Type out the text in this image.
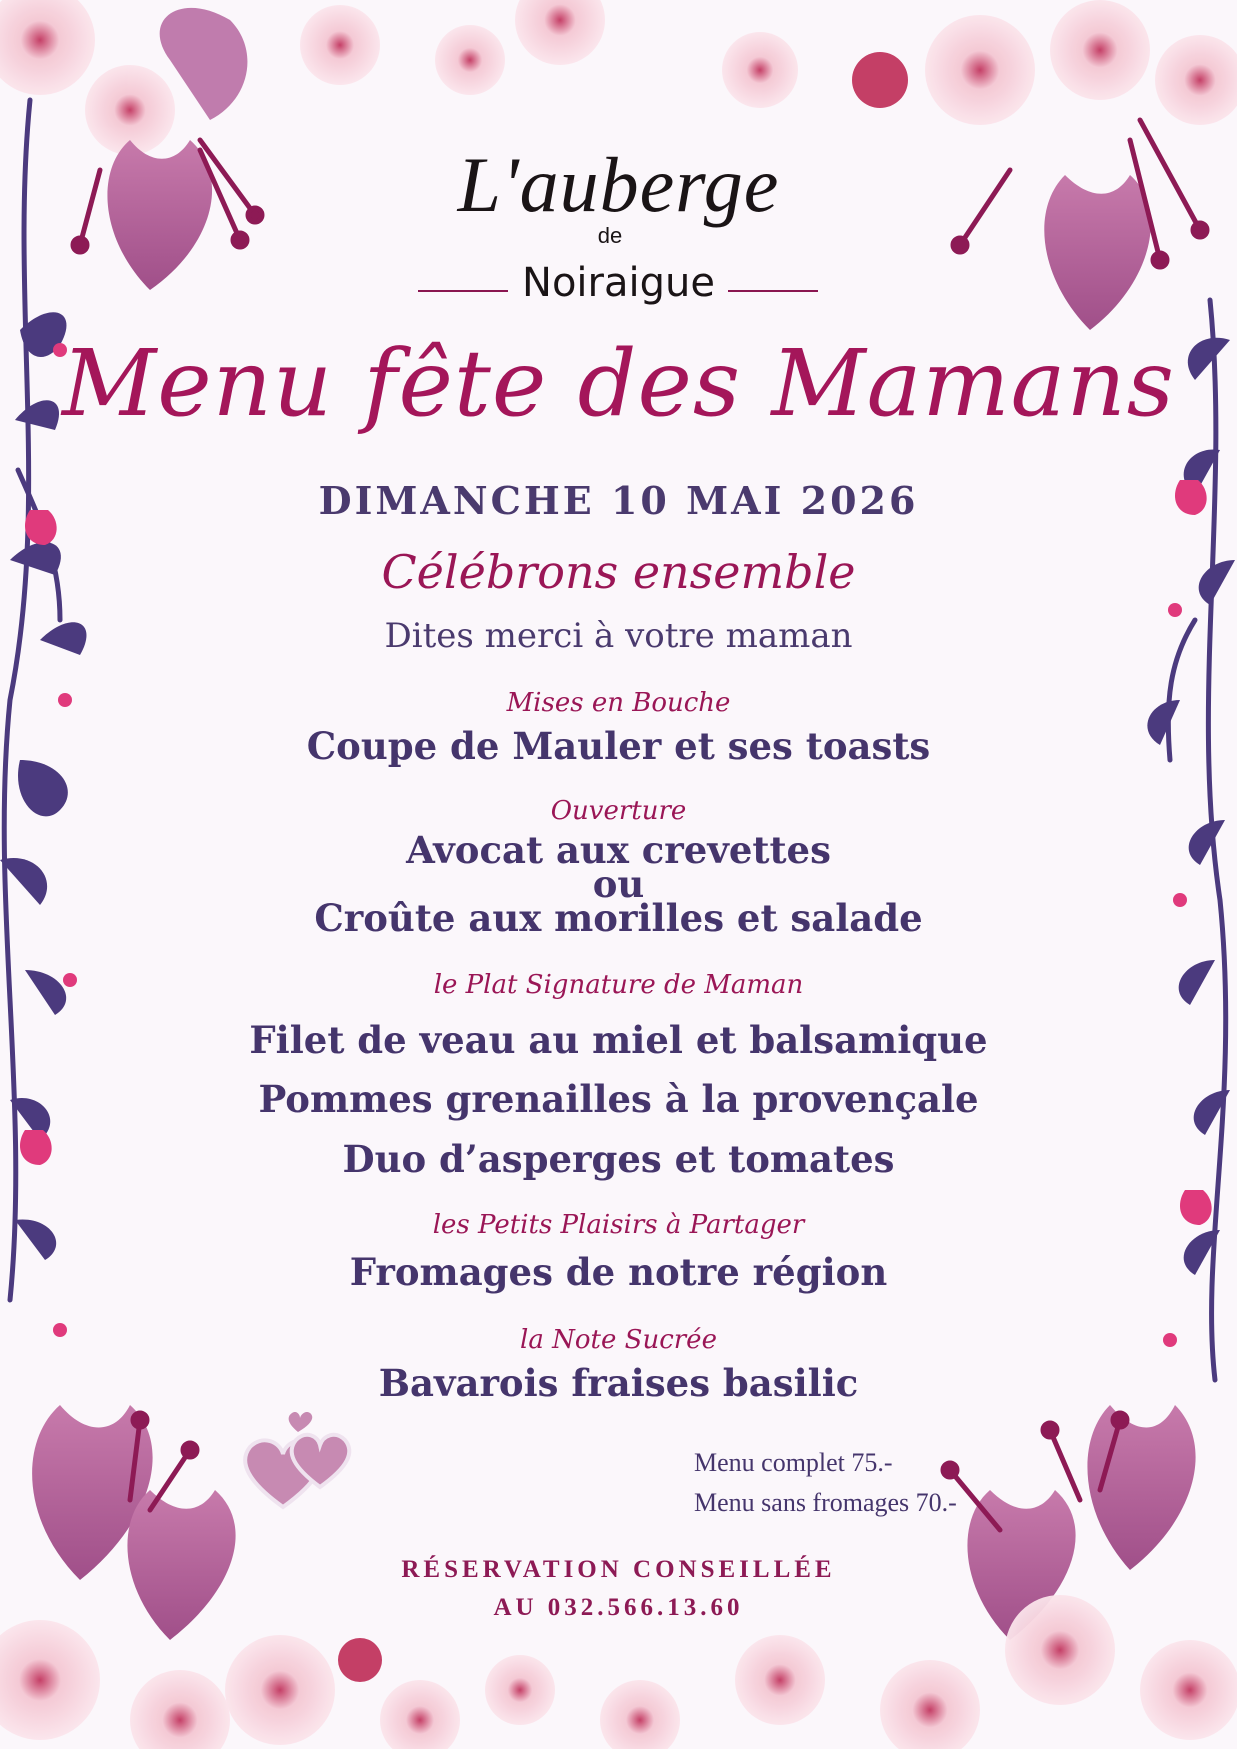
L'auberge
de
Noiraigue
Menu fête des Mamans
DIMANCHE 10 MAI 2026
Célébrons ensemble
Dites merci à votre maman
Mises en Bouche
Coupe de Mauler et ses toasts
Ouverture
Avocat aux crevettes
ou
Croûte aux morilles et salade
le Plat Signature de Maman
Filet de veau au miel et balsamique
Pommes grenailles à la provençale
Duo d’asperges et tomates
les Petits Plaisirs à Partager
Fromages de notre région
la Note Sucrée
Bavarois fraises basilic
Menu complet 75.-
Menu sans fromages 70.-
RÉSERVATION CONSEILLÉE
AU 032.566.13.60
